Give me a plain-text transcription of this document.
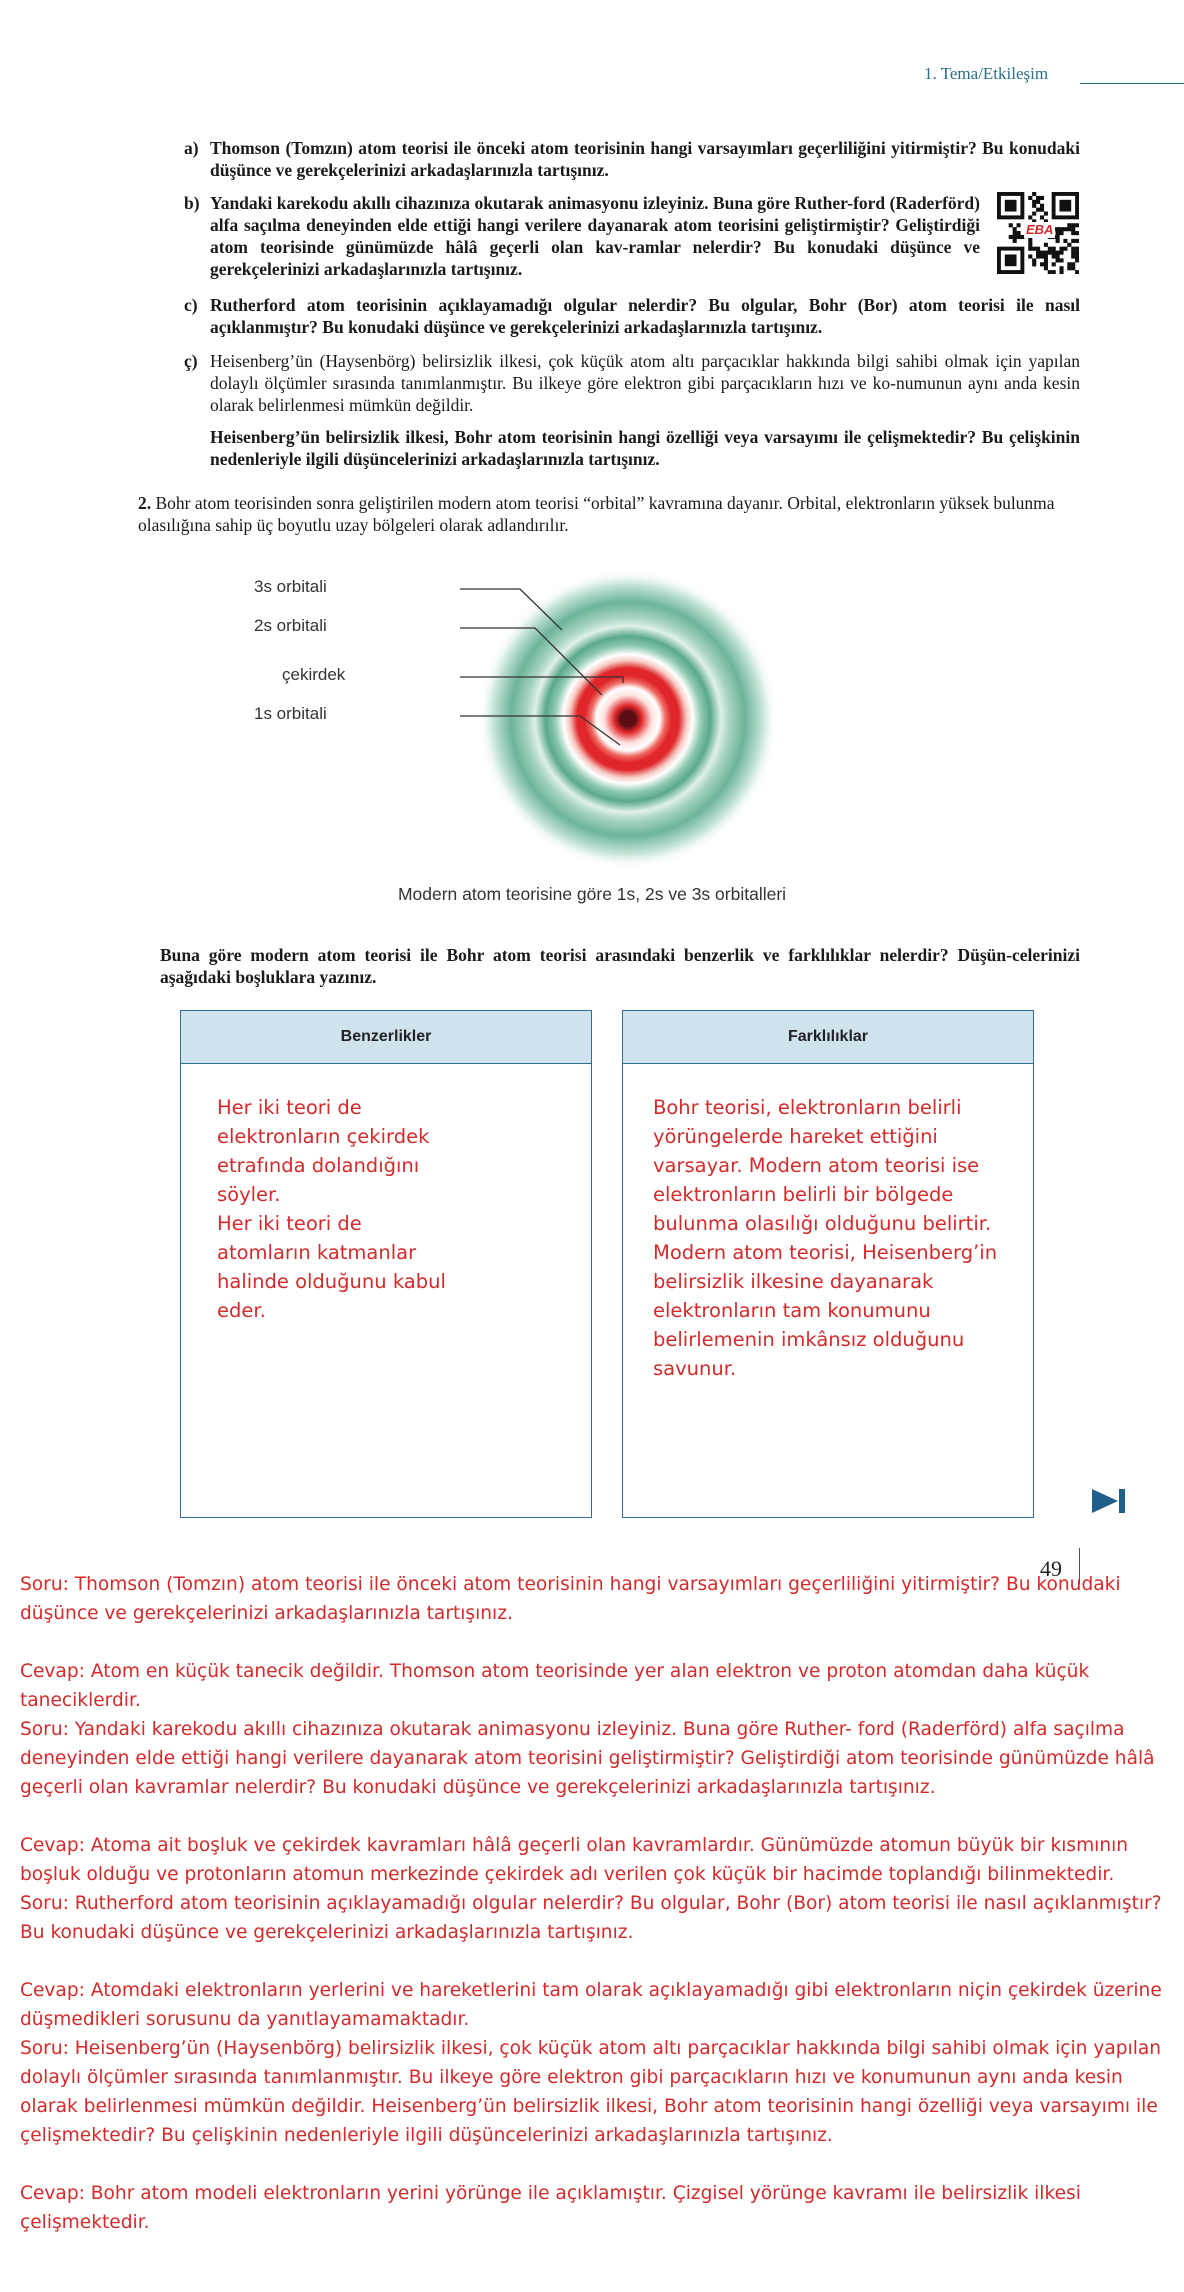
1. Tema/Etkileşim
a) Thomson (Tomzın) atom teorisi ile önceki atom teorisinin hangi varsayımları geçerliliğini yitirmiştir? Bu konudaki düşünce ve gerekçelerinizi arkadaşlarınızla tartışınız.
b) Yandaki karekodu akıllı cihazınıza okutarak animasyonu izleyiniz. Buna göre Ruther-ford (Raderförd) alfa saçılma deneyinden elde ettiği hangi verilere dayanarak atom teorisini geliştirmiştir? Geliştirdiği atom teorisinde günümüzde hâlâ geçerli olan kav-ramlar nelerdir? Bu konudaki düşünce ve gerekçelerinizi arkadaşlarınızla tartışınız.
EBA
c) Rutherford atom teorisinin açıklayamadığı olgular nelerdir? Bu olgular, Bohr (Bor) atom teorisi ile nasıl açıklanmıştır? Bu konudaki düşünce ve gerekçelerinizi arkadaşlarınızla tartışınız.
ç) Heisenberg’ün (Haysenbörg) belirsizlik ilkesi, çok küçük atom altı parçacıklar hakkında bilgi sahibi olmak için yapılan dolaylı ölçümler sırasında tanımlanmıştır. Bu ilkeye göre elektron gibi parçacıkların hızı ve ko-numunun aynı anda kesin olarak belirlenmesi mümkün değildir.
Heisenberg’ün belirsizlik ilkesi, Bohr atom teorisinin hangi özelliği veya varsayımı ile çelişmektedir? Bu çelişkinin nedenleriyle ilgili düşüncelerinizi arkadaşlarınızla tartışınız.
2. Bohr atom teorisinden sonra geliştirilen modern atom teorisi “orbital” kavramına dayanır. Orbital, elektronların yüksek bulunma olasılığına sahip üç boyutlu uzay bölgeleri olarak adlandırılır.
3s orbitali
2s orbitali
çekirdek
1s orbitali
Modern atom teorisine göre 1s, 2s ve 3s orbitalleri
Buna göre modern atom teorisi ile Bohr atom teorisi arasındaki benzerlik ve farklılıklar nelerdir? Düşün-celerinizi aşağıdaki boşluklara yazınız.
Benzerlikler
Her iki teori de
elektronların çekirdek
etrafında dolandığını
söyler.
Her iki teori de
atomların katmanlar
halinde olduğunu kabul
eder.
Farklılıklar
Bohr teorisi, elektronların belirli
yörüngelerde hareket ettiğini
varsayar. Modern atom teorisi ise
elektronların belirli bir bölgede
bulunma olasılığı olduğunu belirtir.
Modern atom teorisi, Heisenberg’in
belirsizlik ilkesine dayanarak
elektronların tam konumunu
belirlemenin imkânsız olduğunu
savunur.
49

Soru: Thomson (Tomzın) atom teorisi ile önceki atom teorisinin hangi varsayımları geçerliliğini yitirmiştir? Bu konudaki düşünce ve gerekçelerinizi arkadaşlarınızla tartışınız.

Cevap: Atom en küçük tanecik değildir. Thomson atom teorisinde yer alan elektron ve proton atomdan daha küçük taneciklerdir.

Soru: Yandaki karekodu akıllı cihazınıza okutarak animasyonu izleyiniz. Buna göre Ruther- ford (Raderförd) alfa saçılma deneyinden elde ettiği hangi verilere dayanarak atom teorisini geliştirmiştir? Geliştirdiği atom teorisinde günümüzde hâlâ geçerli olan kavramlar nelerdir? Bu konudaki düşünce ve gerekçelerinizi arkadaşlarınızla tartışınız.

Cevap: Atoma ait boşluk ve çekirdek kavramları hâlâ geçerli olan kavramlardır. Günümüzde atomun büyük bir kısmının boşluk olduğu ve protonların atomun merkezinde çekirdek adı verilen çok küçük bir hacimde toplandığı bilinmektedir.

Soru: Rutherford atom teorisinin açıklayamadığı olgular nelerdir? Bu olgular, Bohr (Bor) atom teorisi ile nasıl açıklanmıştır? Bu konudaki düşünce ve gerekçelerinizi arkadaşlarınızla tartışınız.

Cevap: Atomdaki elektronların yerlerini ve hareketlerini tam olarak açıklayamadığı gibi elektronların niçin çekirdek üzerine düşmedikleri sorusunu da yanıtlayamamaktadır.

Soru: Heisenberg’ün (Haysenbörg) belirsizlik ilkesi, çok küçük atom altı parçacıklar hakkında bilgi sahibi olmak için yapılan dolaylı ölçümler sırasında tanımlanmıştır. Bu ilkeye göre elektron gibi parçacıkların hızı ve konumunun aynı anda kesin olarak belirlenmesi mümkün değildir. Heisenberg’ün belirsizlik ilkesi, Bohr atom teorisinin hangi özelliği veya varsayımı ile çelişmektedir? Bu çelişkinin nedenleriyle ilgili düşüncelerinizi arkadaşlarınızla tartışınız.

Cevap: Bohr atom modeli elektronların yerini yörünge ile açıklamıştır. Çizgisel yörünge kavramı ile belirsizlik ilkesi çelişmektedir.
